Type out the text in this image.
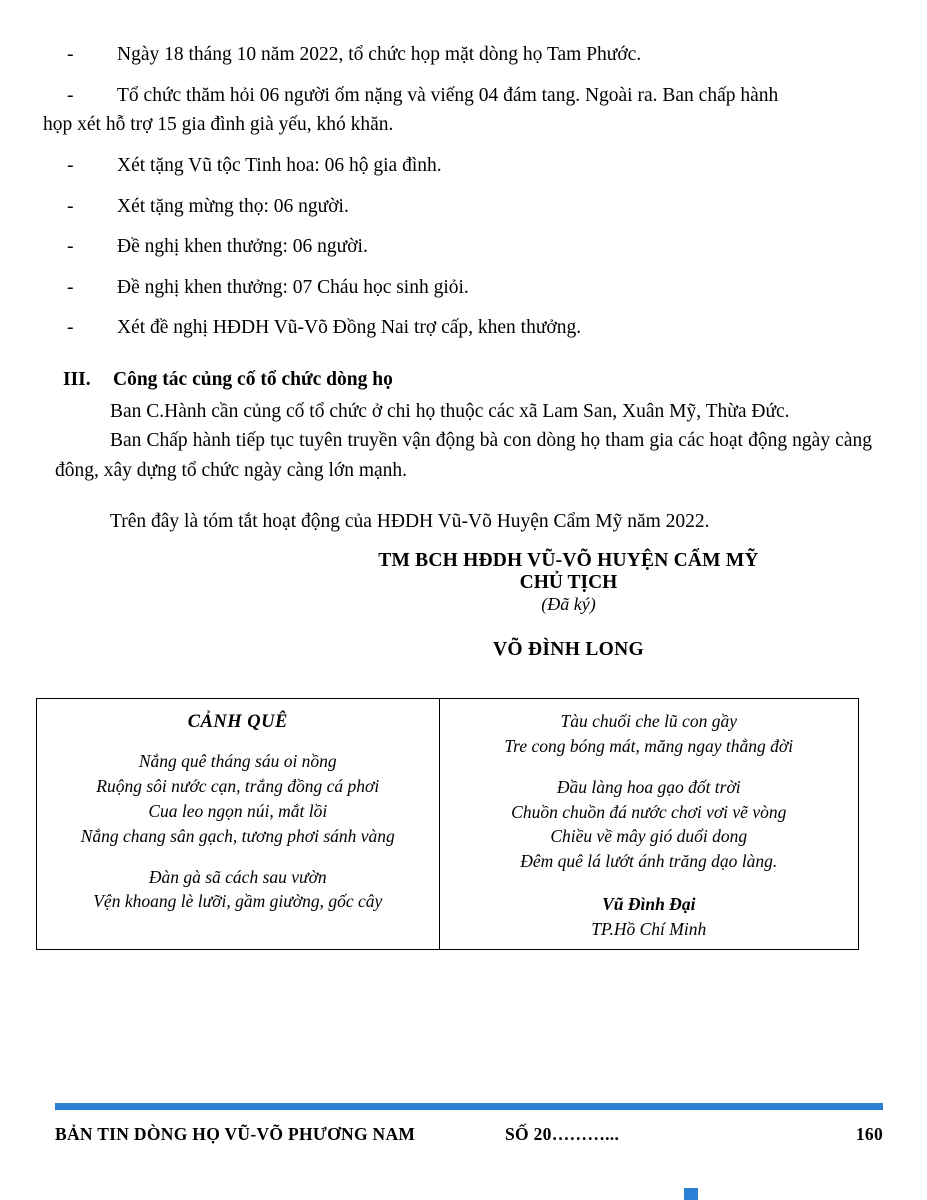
-	Ngày 18 tháng 10 năm 2022, tổ chức họp mặt dòng họ Tam Phước.
-	Tổ chức thăm hỏi 06 người ốm nặng và viếng 04 đám tang. Ngoài ra. Ban chấp hành
họp xét hỗ trợ 15 gia đình già yếu, khó khăn.
-	Xét tặng Vũ tộc Tinh hoa: 06 hộ gia đình.
-	Xét tặng mừng thọ: 06 người.
-	Đề nghị khen thưởng: 06 người.
-	Đề nghị khen thưởng: 07 Cháu học sinh giỏi.
-	Xét đề nghị HĐDH Vũ-Võ Đồng Nai trợ cấp, khen thưởng.
III.	Công tác củng cố tổ chức dòng họ

Ban C.Hành cần củng cố tổ chức ở chi họ thuộc các xã Lam San, Xuân Mỹ, Thừa Đức.

Ban Chấp hành tiếp tục tuyên truyền vận động bà con dòng họ tham gia các hoạt động ngày càng đông, xây dựng tổ chức ngày càng lớn mạnh.

Trên đây là tóm tắt hoạt động của HĐDH Vũ-Võ Huyện Cẩm Mỹ năm 2022.

TM BCH HĐDH VŨ-VÕ HUYỆN CẨM MỸ
CHỦ TỊCH
(Đã ký)
VÕ ĐÌNH LONG
CẢNH QUÊ
Nắng quê tháng sáu oi nồng
Ruộng sôi nước cạn, trắng đồng cá phơi
Cua leo ngọn núi, mắt lồi
Nắng chang sân gạch, tương phơi sánh vàng
Đàn gà sã cách sau vườn
Vện khoang lè lưỡi, gầm giường, gốc cây
Tàu chuối che lũ con gầy
Tre cong bóng mát, măng ngay thẳng đời
Đầu làng hoa gạo đốt trời
Chuồn chuồn đá nước chơi vơi vẽ vòng
Chiều về mây gió duổi dong
Đêm quê lá lướt ánh trăng dạo làng.
Vũ Đình Đại
TP.Hồ Chí Minh
BẢN TIN DÒNG HỌ VŨ-VÕ PHƯƠNG NAM	SỐ 20………...	160
